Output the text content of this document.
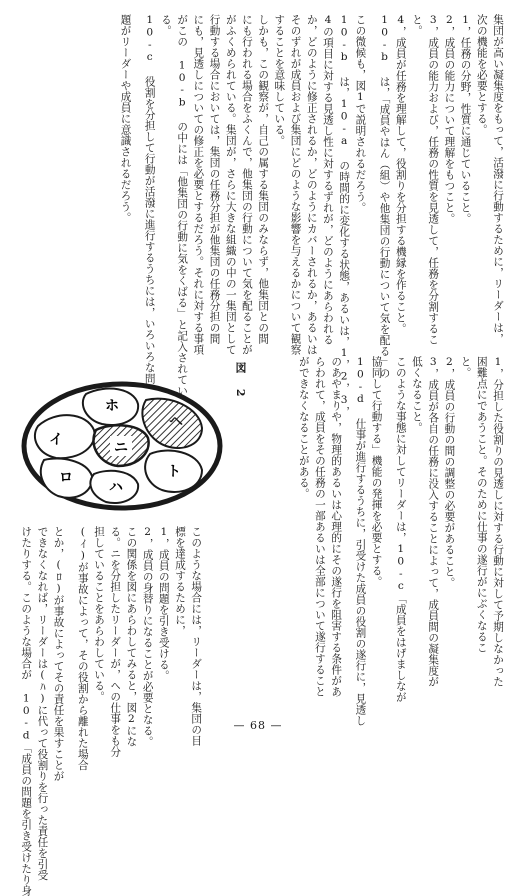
集団が高い凝集度をもって，活潑に行動するために，リーダーは，

次の機能を必要とする。

1，任務の分野，性質に通じていること。

2，成員の能力について理解をもつこと。

3，成員の能力および，任務の性質を見透して，任務を分割するこ

と。

4，成員が任務を理解して，役割りを分担する機縁を作ること。

10-b は，「成員やはん（組）や他集団の行動について気を配る」の

この微候も，図1で説明されるだろう。

10-b は，10-a の時間的に変化する状態，あるいは，1，2，3，

4の項目に対する見透し性に対するずれが，どのようにあらわれる

か，どのように修正されるか，どのようにカバーされるか，あるいは

そのずれが成員および集団にどのような影響を与えるかについて観察

することを意味している。

しかも，この観察が，自己の属する集団のみならず，他集団との間

にも行われる場合をふくんで，他集団の行動について気を配ることが

がふくめられている。集団が，さらに大きな組織の中の一集団として

行動する場合においては，集団の任務分担が他集団の任務分担の間

にも，見透しについての修正を必要とするだろう。それに対する事項

がこの 10-b の中には「他集団の行動に気をくばる」と記入されてい

る。

10-c 役割を分担して行動が活潑に進行するうちには，いろいろな問

題がリーダーや成員に意識されるだろう。

1，分担した役割りの見透しに対する行動に対して予期しなかった

困難点にであうこと。そのために仕事の遂行がにぶくなるこ

と。

2，成員の行動の間の調整の必要があること。

3，成員が各自の任務に没入することによって，成員間の凝集度が

低くなること。

このような事態に対してリーダーは，10-c「成員をはげましなが

協同して行動する」機能の発揮を必要とする。

10-d 仕事が進行するうちに，引受けた成員の役割の遂行に，見透し

のあやまりや，物理的あるいは心理的にその遂行を阻害する条件があ

らわれて，成員をその任務の一部あるいは全部について遂行すること

ができなくなることがある。

図 2
イ
ロ
ハ
ニ
ト
ヘ
ホ

このような場合には，リーダーは，集団の目

標を達成するために，

1，成員の問題を引き受ける。

2，成員の身替りになることが必要となる。

この関係を図にあらわしてみると，図2にな

る。ニを分担したリーダーが，ヘの仕事をも分

担していることをあらわしている。

(ｲ)が事故によって，その役割から離れた場合

とか，(ﾛ)が事故によってその責任を果すことが

できなくなれば，リーダーは(ﾊ)に代って役割りを行った責任を引受

けたりする。このような場合が 10-d「成員の問題を引き受けたり身	— 68 —
